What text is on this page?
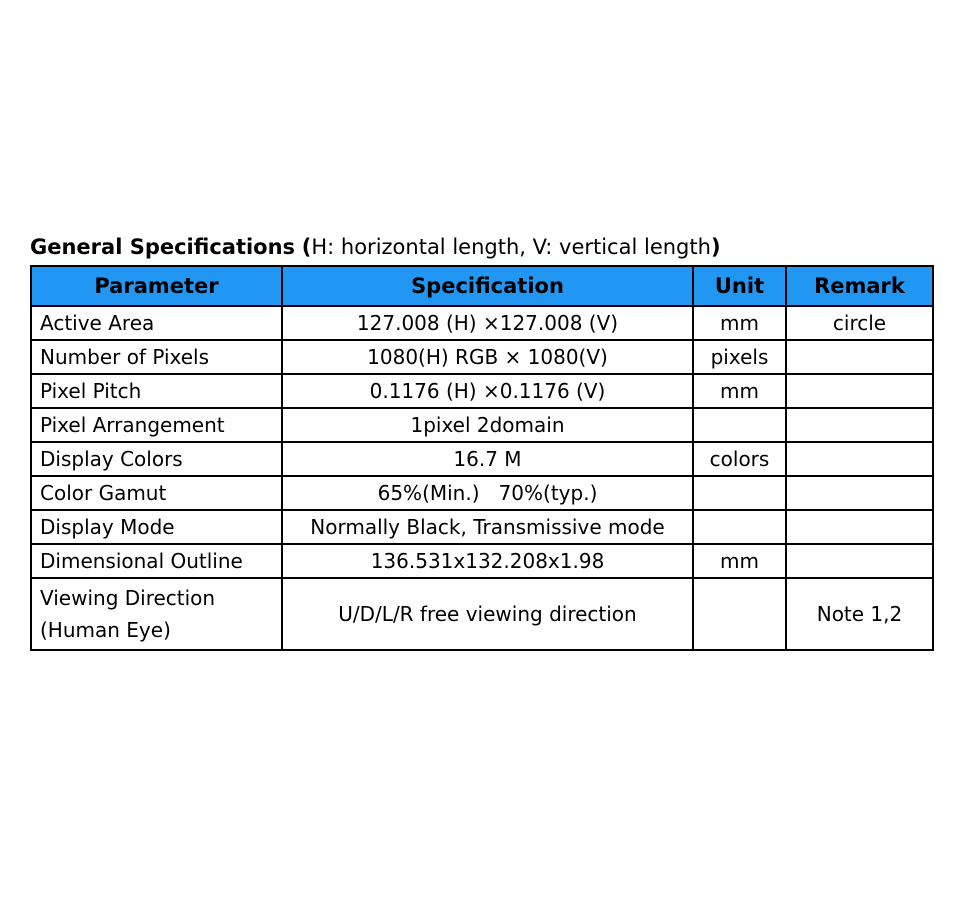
General Specifications (H: horizontal length, V: vertical length)
Parameter	Specification	Unit	Remark
Active Area	127.008 (H) ×127.008 (V)	mm	circle
Number of Pixels	1080(H) RGB × 1080(V)	pixels	
Pixel Pitch	0.1176 (H) ×0.1176 (V)	mm	
Pixel Arrangement	1pixel 2domain		
Display Colors	16.7 M	colors	
Color Gamut	65%(Min.)   70%(typ.)		
Display Mode	Normally Black, Transmissive mode		
Dimensional Outline	136.531x132.208x1.98	mm	

Viewing Direction
(Human Eye)	U/D/L/R free viewing direction		Note 1,2
